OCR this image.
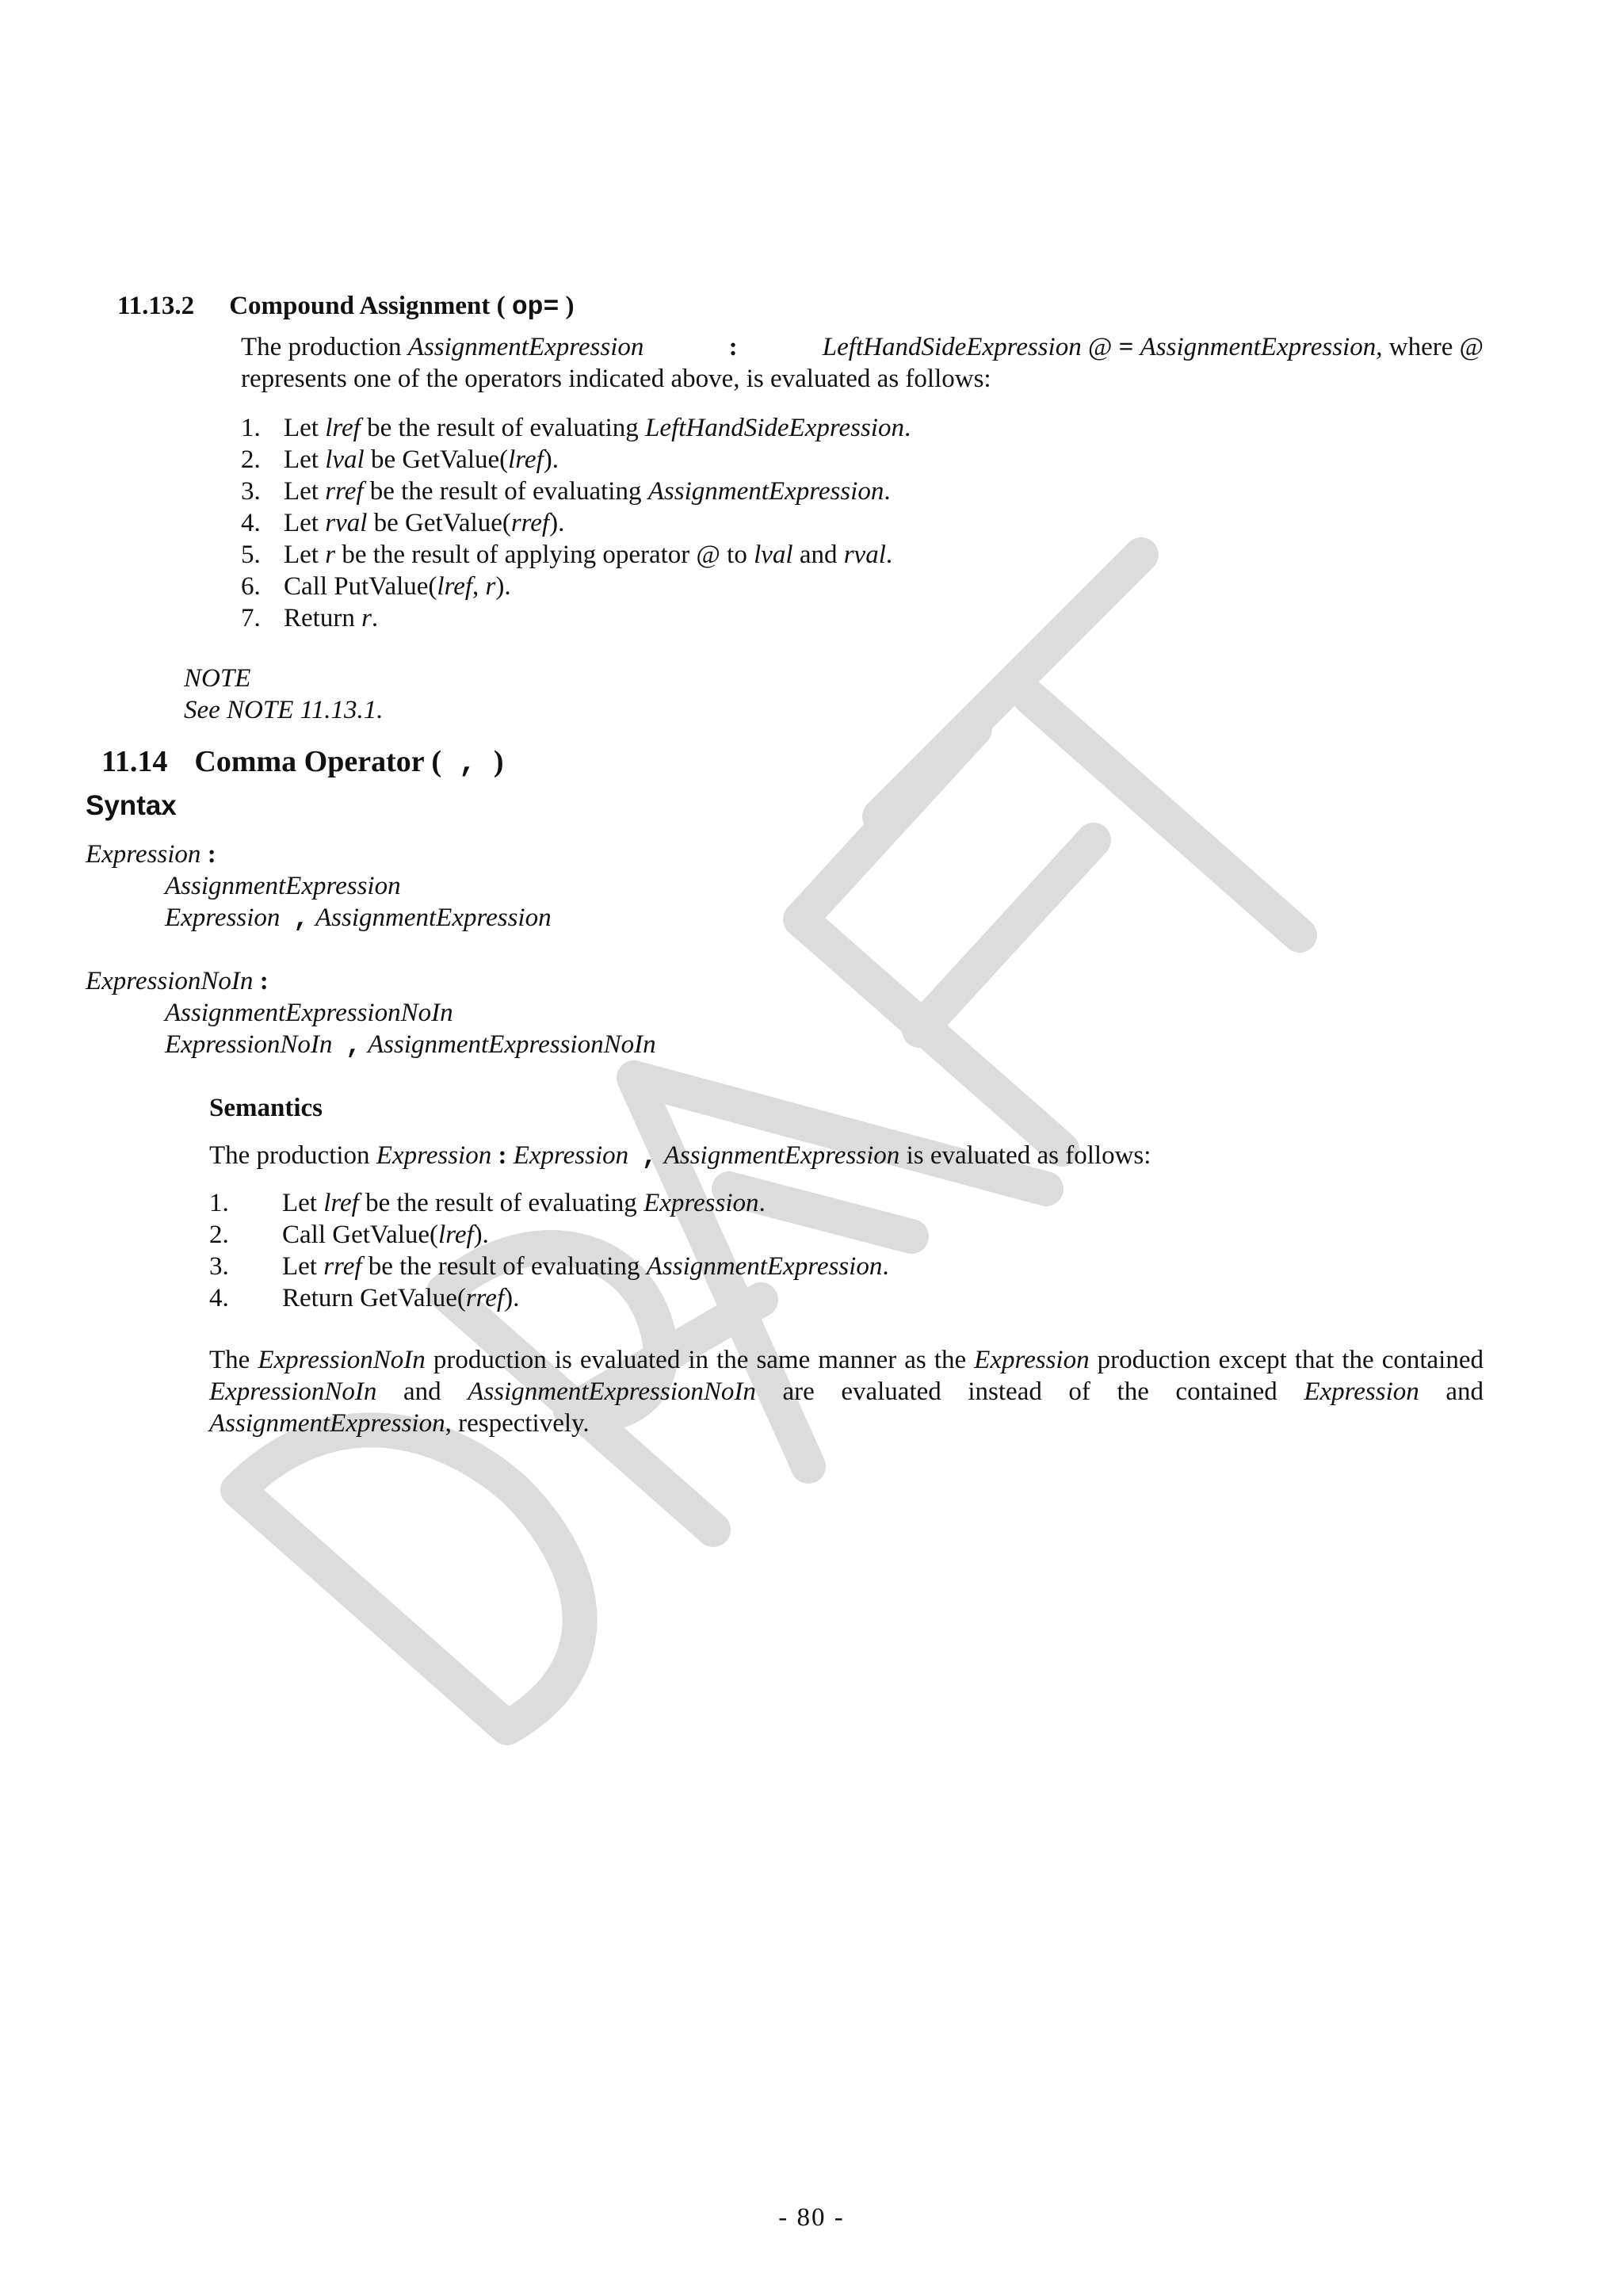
11.13.2 Compound Assignment ( op= )
The production AssignmentExpression	:	LeftHandSideExpression @ = AssignmentExpression, where @
represents one of the operators indicated above, is evaluated as follows:
1. Let lref be the result of evaluating LeftHandSideExpression.
2. Let lval be GetValue(lref).
3. Let rref be the result of evaluating AssignmentExpression.
4. Let rval be GetValue(rref).
5. Let r be the result of applying operator @ to lval and rval.
6. Call PutValue(lref, r).
7. Return r.
NOTE
See NOTE 11.13.1.
11.14 Comma Operator ( , )
Syntax
Expression :
AssignmentExpression
Expression , AssignmentExpression
ExpressionNoIn :
AssignmentExpressionNoIn
ExpressionNoIn , AssignmentExpressionNoIn
Semantics
The production Expression : Expression , AssignmentExpression is evaluated as follows:
1. Let lref be the result of evaluating Expression.
2. Call GetValue(lref).
3. Let rref be the result of evaluating AssignmentExpression.
4. Return GetValue(rref).
The ExpressionNoIn production is evaluated in the same manner as the Expression production except that the contained ExpressionNoIn and AssignmentExpressionNoIn are evaluated instead of the contained Expression and AssignmentExpression, respectively.
- 80 -
